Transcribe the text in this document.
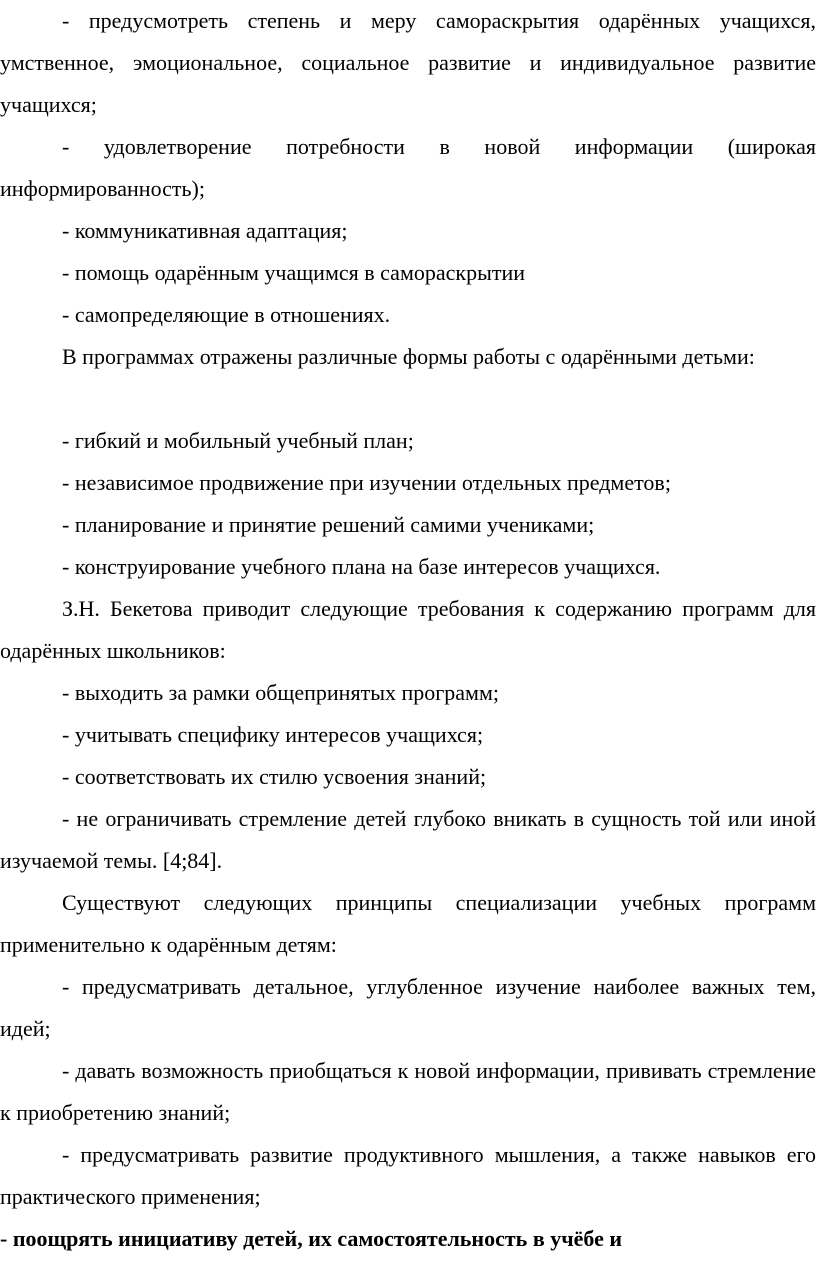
- предусмотреть степень и меру самораскрытия одарённых учащихся, умственное, эмоциональное, социальное развитие и индивидуальное развитие учащихся;

- удовлетворение потребности в новой информации (широкая информированность);

- коммуникативная адаптация;

- помощь одарённым учащимся в самораскрытии

- самопределяющие в отношениях.

В программах отражены различные формы работы с одарёнными детьми:

- гибкий и мобильный учебный план;

- независимое продвижение при изучении отдельных предметов;

- планирование и принятие решений самими учениками;

- конструирование учебного плана на базе интересов учащихся.

З.Н. Бекетова приводит следующие требования к содержанию программ для одарённых школьников:

- выходить за рамки общепринятых программ;

- учитывать специфику интересов учащихся;

- соответствовать их стилю усвоения знаний;

- не ограничивать стремление детей глубоко вникать в сущность той или иной изучаемой темы. [4;84].

Существуют следующих принципы специализации учебных программ применительно к одарённым детям:

- предусматривать детальное, углубленное изучение наиболее важных тем, идей;

- давать возможность приобщаться к новой информации, прививать стремление к приобретению знаний;

- предусматривать развитие продуктивного мышления, а также навыков его практического применения;

- поощрять инициативу детей, их самостоятельность в учёбе и
